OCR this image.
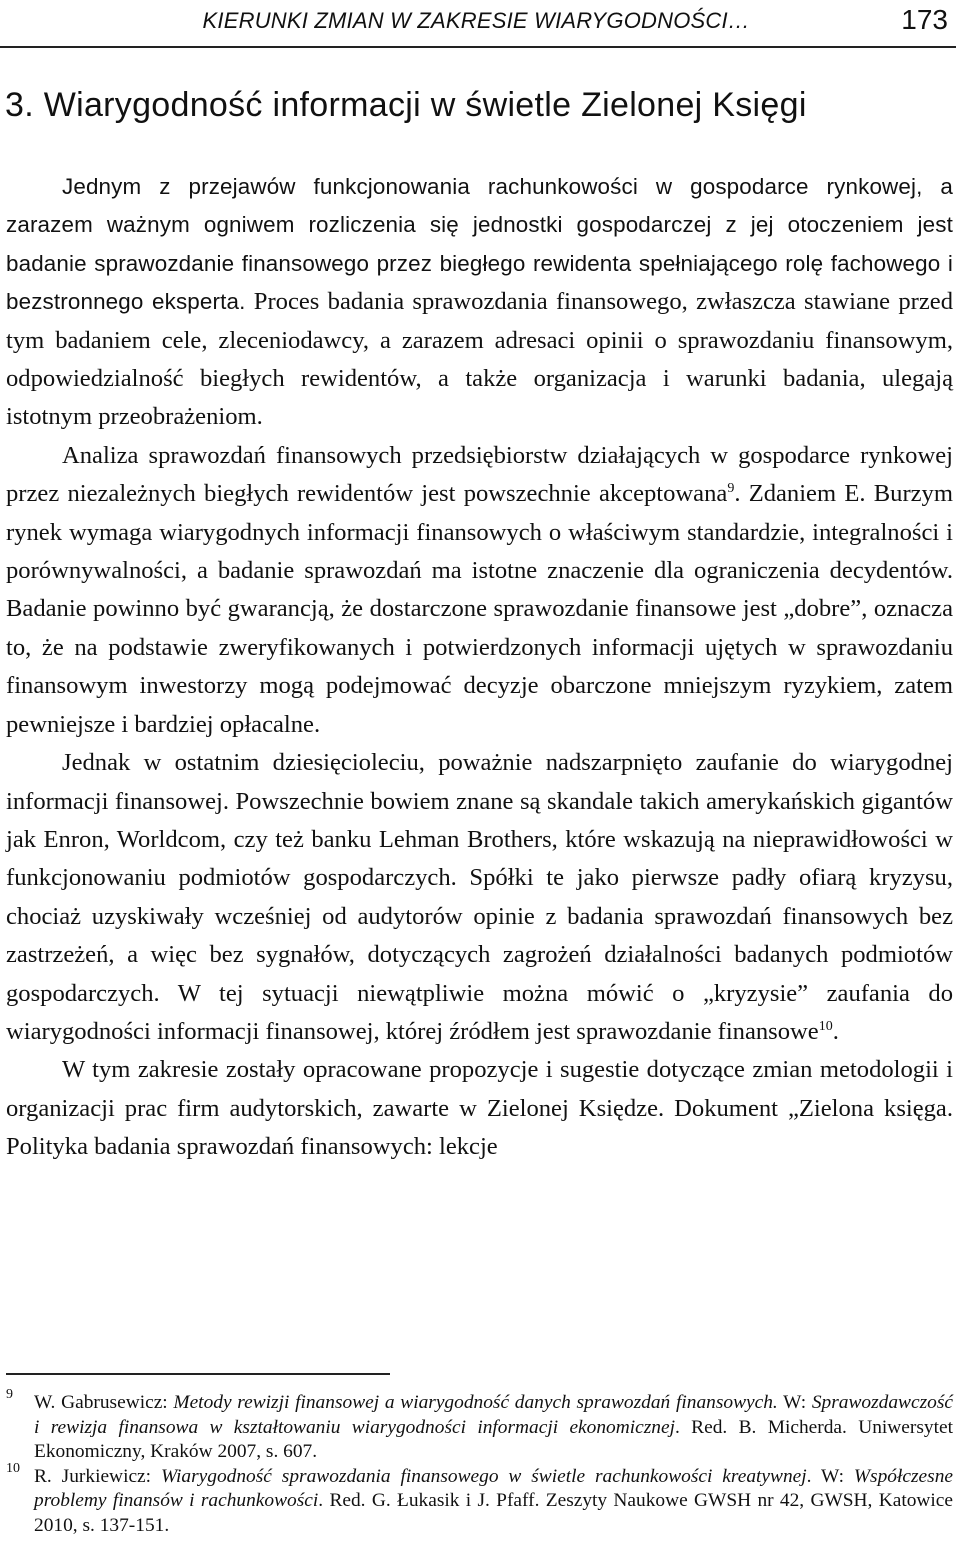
KIERUNKI ZMIAN W ZAKRESIE WIARYGODNOŚCI…	173
3. Wiarygodność informacji w świetle Zielonej Księgi

Jednym z przejawów funkcjonowania rachunkowości w gospodarce rynkowej, a zarazem ważnym ogniwem rozliczenia się jednostki gospodarczej z jej otoczeniem jest badanie sprawozdanie finansowego przez biegłego rewidenta spełniającego rolę fachowego i bezstronnego eksperta. Proces badania sprawozdania finansowego, zwłaszcza stawiane przed tym badaniem cele, zleceniodawcy, a zarazem adresaci opinii o sprawozdaniu finansowym, odpowiedzialność biegłych rewidentów, a także organizacja i warunki badania, ulegają istotnym przeobrażeniom.

Analiza sprawozdań finansowych przedsiębiorstw działających w gospodarce rynkowej przez niezależnych biegłych rewidentów jest powszechnie akceptowana$^9$. Zdaniem E. Burzym rynek wymaga wiarygodnych informacji finansowych o właściwym standardzie, integralności i porównywalności, a badanie sprawozdań ma istotne znaczenie dla ograniczenia decydentów. Badanie powinno być gwarancją, że dostarczone sprawozdanie finansowe jest „dobre”, oznacza to, że na podstawie zweryfikowanych i potwierdzonych informacji ujętych w sprawozdaniu finansowym inwestorzy mogą podejmować decyzje obarczone mniejszym ryzykiem, zatem pewniejsze i bardziej opłacalne.

Jednak w ostatnim dziesięcioleciu, poważnie nadszarpnięto zaufanie do wiarygodnej informacji finansowej. Powszechnie bowiem znane są skandale takich amerykańskich gigantów jak Enron, Worldcom, czy też banku Lehman Brothers, które wskazują na nieprawidłowości w funkcjonowaniu podmiotów gospodarczych. Spółki te jako pierwsze padły ofiarą kryzysu, chociaż uzyskiwały wcześniej od audytorów opinie z badania sprawozdań finansowych bez zastrzeżeń, a więc bez sygnałów, dotyczących zagrożeń działalności badanych podmiotów gospodarczych. W tej sytuacji niewątpliwie można mówić o „kryzysie” zaufania do wiarygodności informacji finansowej, której źródłem jest sprawozdanie finansowe$^{10}$.

W tym zakresie zostały opracowane propozycje i sugestie dotyczące zmian metodologii i organizacji prac firm audytorskich, zawarte w Zielonej Księdze. Dokument „Zielona księga. Polityka badania sprawozdań finansowych: lekcje

9 W. Gabrusewicz: Metody rewizji finansowej a wiarygodność danych sprawozdań finansowych. W: Sprawozdawczość i rewizja finansowa w kształtowaniu wiarygodności informacji ekonomicznej. Red. B. Micherda. Uniwersytet Ekonomiczny, Kraków 2007, s. 607.

10 R. Jurkiewicz: Wiarygodność sprawozdania finansowego w świetle rachunkowości kreatywnej. W: Współczesne problemy finansów i rachunkowości. Red. G. Łukasik i J. Pfaff. Zeszyty Naukowe GWSH nr 42, GWSH, Katowice 2010, s. 137-151.
